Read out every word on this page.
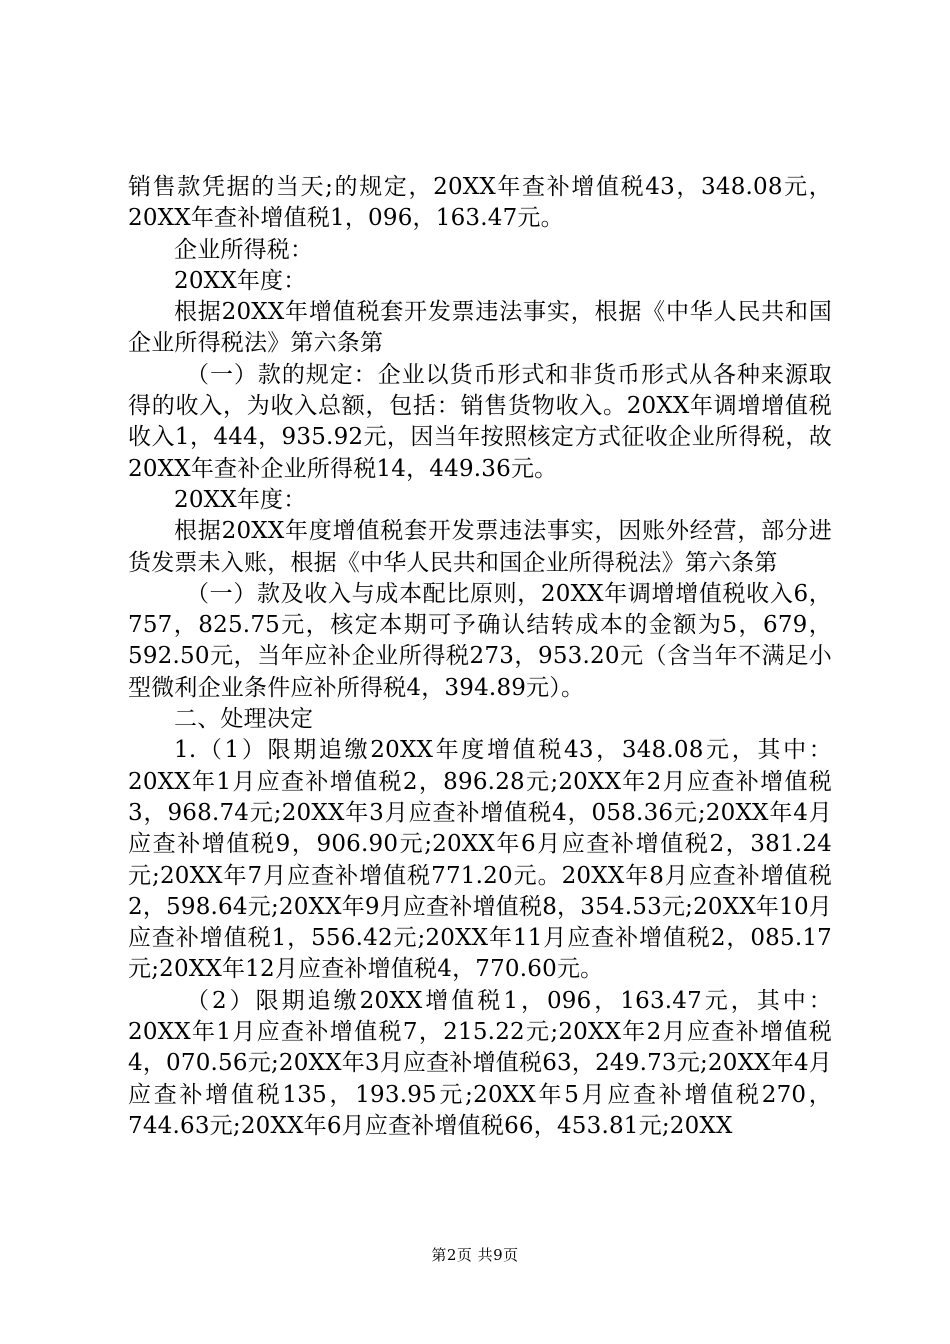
销售款凭据的当天;的规定，20XX年查补增值税43，348.08元，20XX年查补增值税1，096，163.47元。

企业所得税：

20XX年度：

根据20XX年增值税套开发票违法事实，根据《中华人民共和国企业所得税法》第六条第

（一）款的规定：企业以货币形式和非货币形式从各种来源取得的收入，为收入总额，包括：销售货物收入。20XX年调增增值税收入1，444，935.92元，因当年按照核定方式征收企业所得税，故20XX年查补企业所得税14，449.36元。

20XX年度：

根据20XX年度增值税套开发票违法事实，因账外经营，部分进货发票未入账，根据《中华人民共和国企业所得税法》第六条第

（一）款及收入与成本配比原则，20XX年调增增值税收入6，757，825.75元，核定本期可予确认结转成本的金额为5，679，592.50元，当年应补企业所得税273，953.20元（含当年不满足小型微利企业条件应补所得税4，394.89元）。

二、处理决定

1.（1）限期追缴20XX年度增值税43，348.08元，其中：20XX年1月应查补增值税2，896.28元;20XX年2月应查补增值税3，968.74元;20XX年3月应查补增值税4，058.36元;20XX年4月应查补增值税9，906.90元;20XX年6月应查补增值税2，381.24元;20XX年7月应查补增值税771.20元。20XX年8月应查补增值税2，598.64元;20XX年9月应查补增值税8，354.53元;20XX年10月应查补增值税1，556.42元;20XX年11月应查补增值税2，085.17元;20XX年12月应查补增值税4，770.60元。

（2）限期追缴20XX增值税1，096，163.47元，其中：20XX年1月应查补增值税7，215.22元;20XX年2月应查补增值税4，070.56元;20XX年3月应查补增值税63，249.73元;20XX年4月应查补增值税135，193.95元;20XX年5月应查补增值税270，744.63元;20XX年6月应查补增值税66，453.81元;20XX

第2页 共9页
